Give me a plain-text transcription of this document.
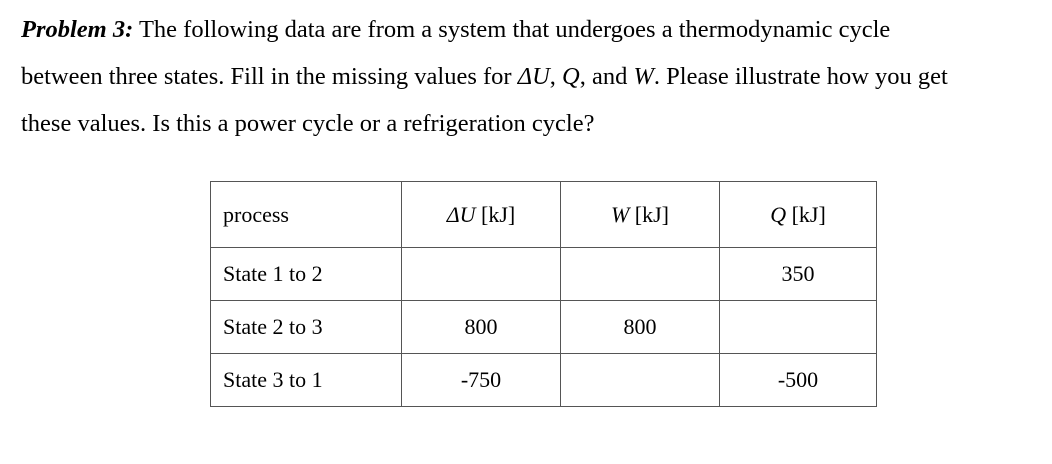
Problem 3: The following data are from a system that undergoes a thermodynamic cycle
between three states. Fill in the missing values for ΔU, Q, and W. Please illustrate how you get
these values. Is this a power cycle or a refrigeration cycle?
process	ΔU [kJ]	W [kJ]	Q [kJ]
State 1 to 2			350
State 2 to 3	800	800	
State 3 to 1	-750		-500
